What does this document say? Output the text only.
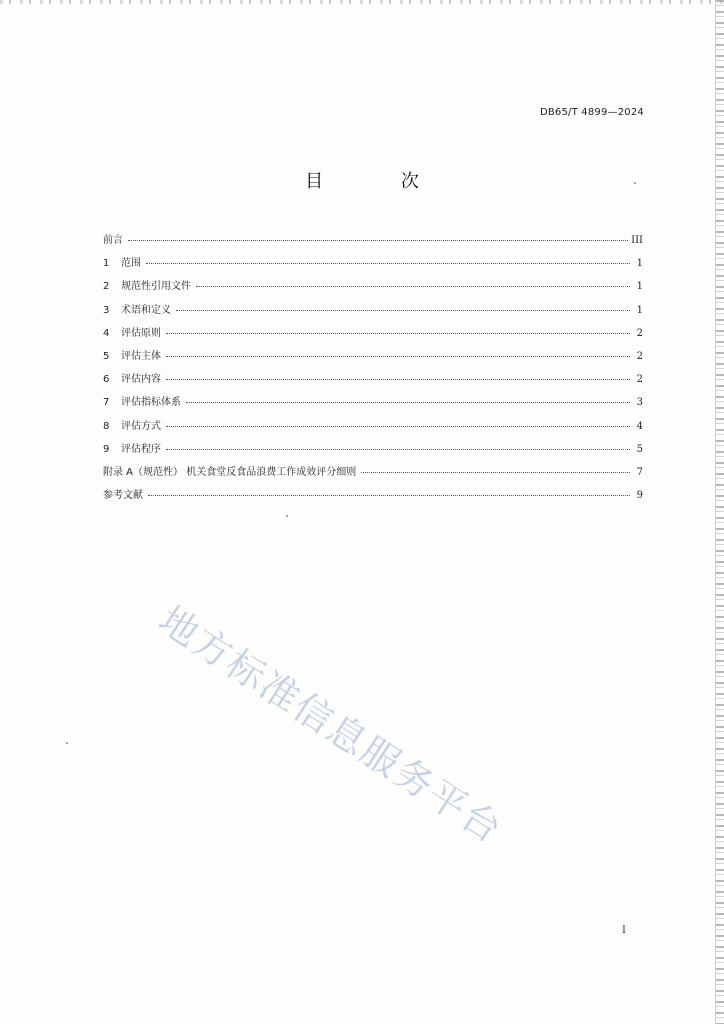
DB65/T 4899—2024
目 次
前言	III
1	范围	1
2	规范性引用文件	1
3	术语和定义	1
4	评估原则	2
5	评估主体	2
6	评估内容	2
7	评估指标体系	3
8	评估方式	4
9	评估程序	5
附录 A（规范性） 机关食堂反食品浪费工作成效评分细则	7
参考文献	9
地方标准信息服务平台
I
